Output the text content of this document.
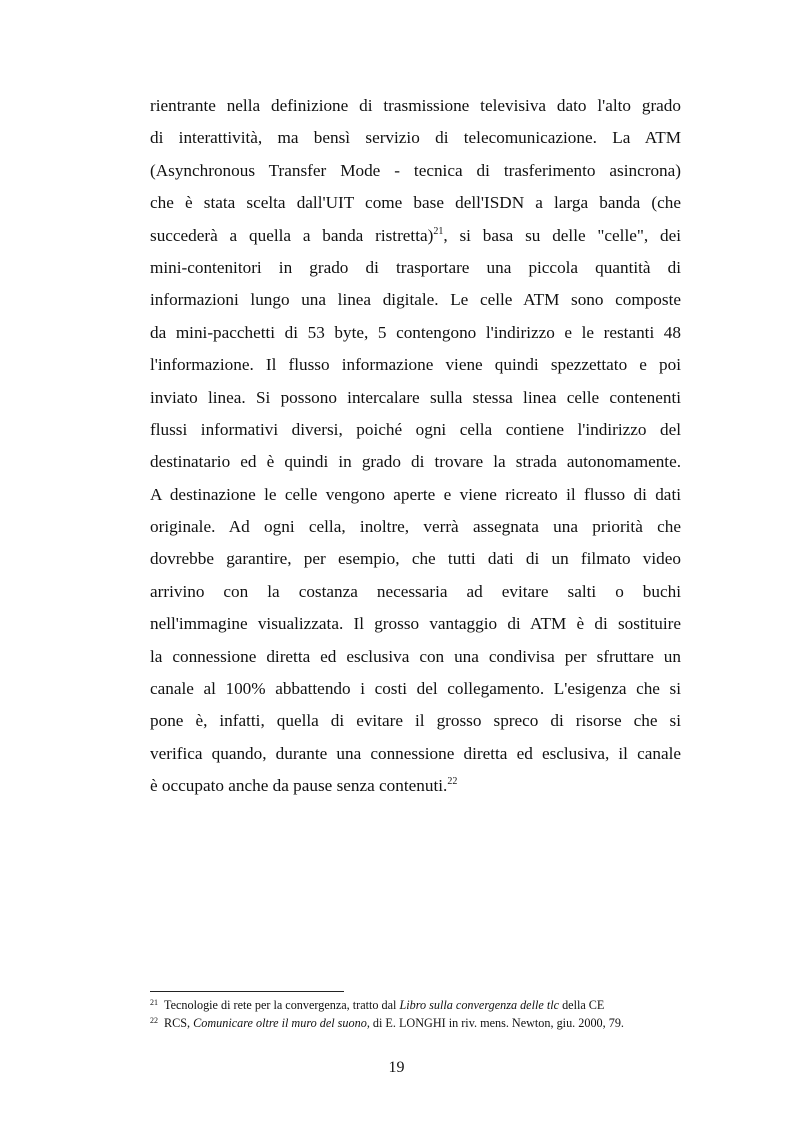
rientrante nella definizione di trasmissione televisiva dato l'alto grado
di interattività, ma bensì servizio di telecomunicazione. La ATM
(Asynchronous Transfer Mode - tecnica di trasferimento asincrona)
che è stata scelta dall'UIT come base dell'ISDN a larga banda (che
succederà a quella a banda ristretta)$^{21}$, si basa su delle "celle", dei
mini-contenitori in grado di trasportare una piccola quantità di
informazioni lungo una linea digitale. Le celle ATM sono composte
da mini-pacchetti di 53 byte, 5 contengono l'indirizzo e le restanti 48
l'informazione. Il flusso informazione viene quindi spezzettato e poi
inviato linea. Si possono intercalare sulla stessa linea celle contenenti
flussi informativi diversi, poiché ogni cella contiene l'indirizzo del
destinatario ed è quindi in grado di trovare la strada autonomamente.
A destinazione le celle vengono aperte e viene ricreato il flusso di dati
originale. Ad ogni cella, inoltre, verrà assegnata una priorità che
dovrebbe garantire, per esempio, che tutti dati di un filmato video
arrivino con la costanza necessaria ad evitare salti o buchi
nell'immagine visualizzata. Il grosso vantaggio di ATM è di sostituire
la connessione diretta ed esclusiva con una condivisa per sfruttare un
canale al 100% abbattendo i costi del collegamento. L'esigenza che si
pone è, infatti, quella di evitare il grosso spreco di risorse che si
verifica quando, durante una connessione diretta ed esclusiva, il canale
è occupato anche da pause senza contenuti.$^{22}$
$^{21}$ Tecnologie di rete per la convergenza, tratto dal Libro sulla convergenza delle tlc della CE
$^{22}$ RCS, Comunicare oltre il muro del suono, di E. LONGHI in riv. mens. Newton, giu. 2000, 79.
19
